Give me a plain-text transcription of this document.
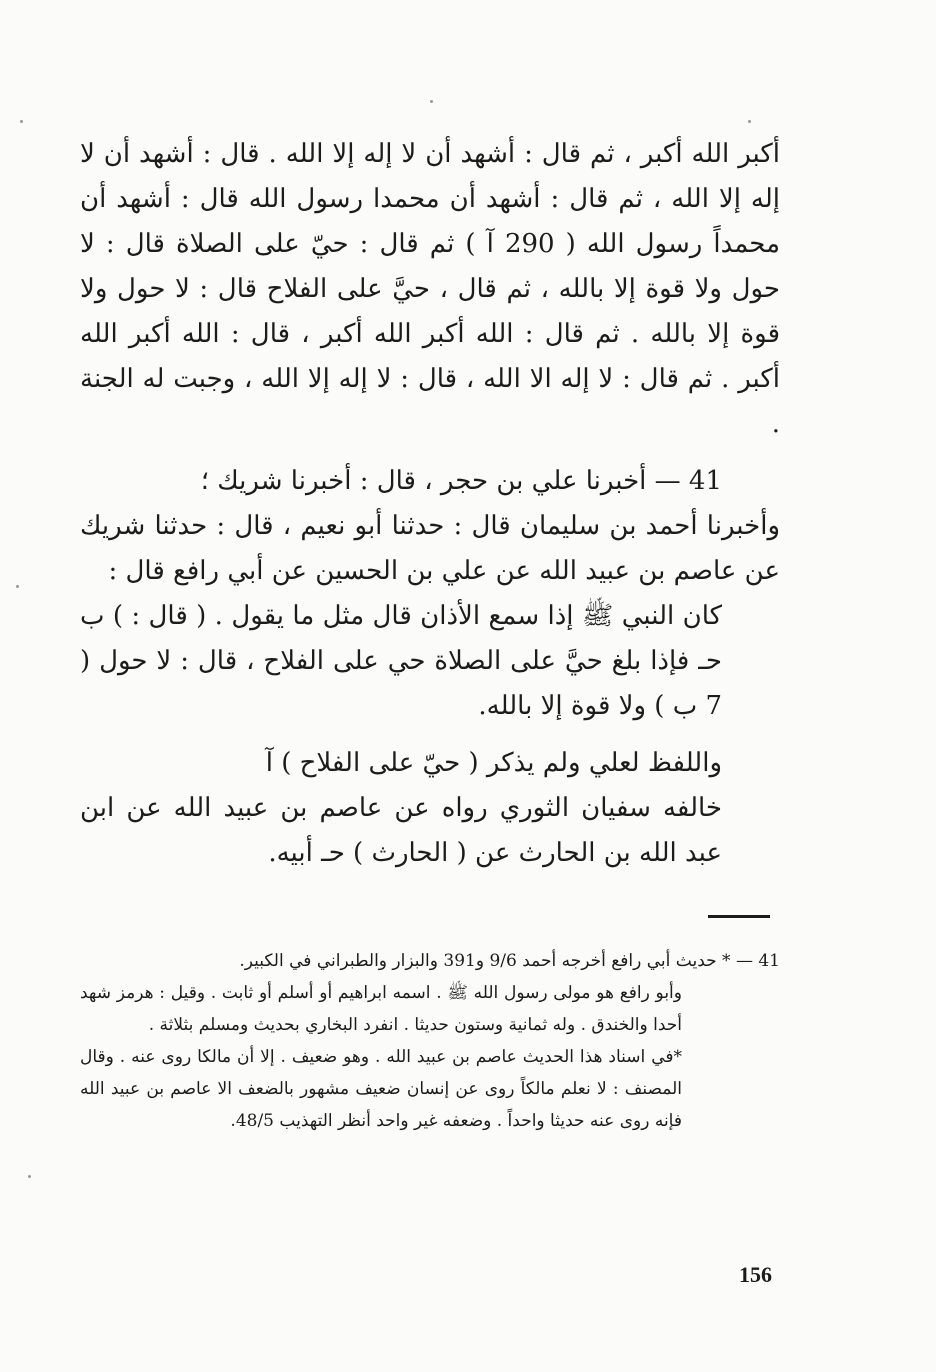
أكبر الله أكبر ، ثم قال : أشهد أن لا إله إلا الله . قال : أشهد أن لا إله إلا الله ، ثم قال : أشهد أن محمدا رسول الله قال : أشهد أن محمداً رسول الله ( 290 آ ) ثم قال : حيّ على الصلاة قال : لا حول ولا قوة إلا بالله ، ثم قال ، حيَّ على الفلاح قال : لا حول ولا قوة إلا بالله . ثم قال : الله أكبر الله أكبر ، قال : الله أكبر الله أكبر . ثم قال : لا إله الا الله ، قال : لا إله إلا الله ، وجبت له الجنة .

41 — أخبرنا علي بن حجر ، قال : أخبرنا شريك ؛

وأخبرنا أحمد بن سليمان قال : حدثنا أبو نعيم ، قال : حدثنا شريك عن عاصم بن عبيد الله عن علي بن الحسين عن أبي رافع قال :

كان النبي ﷺ إذا سمع الأذان قال مثل ما يقول . ( قال : ) ب حـ فإذا بلغ حيَّ على الصلاة حي على الفلاح ، قال : لا حول ( 7 ب ) ولا قوة إلا بالله.

واللفظ لعلي ولم يذكر ( حيّ على الفلاح ) آ

خالفه سفيان الثوري رواه عن عاصم بن عبيد الله عن ابن عبد الله بن الحارث عن ( الحارث ) حـ أبيه.

41 — * حديث أبي رافع أخرجه أحمد 9/6 و391 والبزار والطبراني في الكبير.

وأبو رافع هو مولى رسول الله ﷺ . اسمه ابراهيم أو أسلم أو ثابت . وقيل : هرمز شهد أحدا والخندق . وله ثمانية وستون حديثا . انفرد البخاري بحديث ومسلم بثلاثة .

*في اسناد هذا الحديث عاصم بن عبيد الله . وهو ضعيف . إلا أن مالكا روى عنه . وقال المصنف : لا نعلم مالكاً روى عن إنسان ضعيف مشهور بالضعف الا عاصم بن عبيد الله فإنه روى عنه حديثا واحداً . وضعفه غير واحد أنظر التهذيب 48/5.

156
